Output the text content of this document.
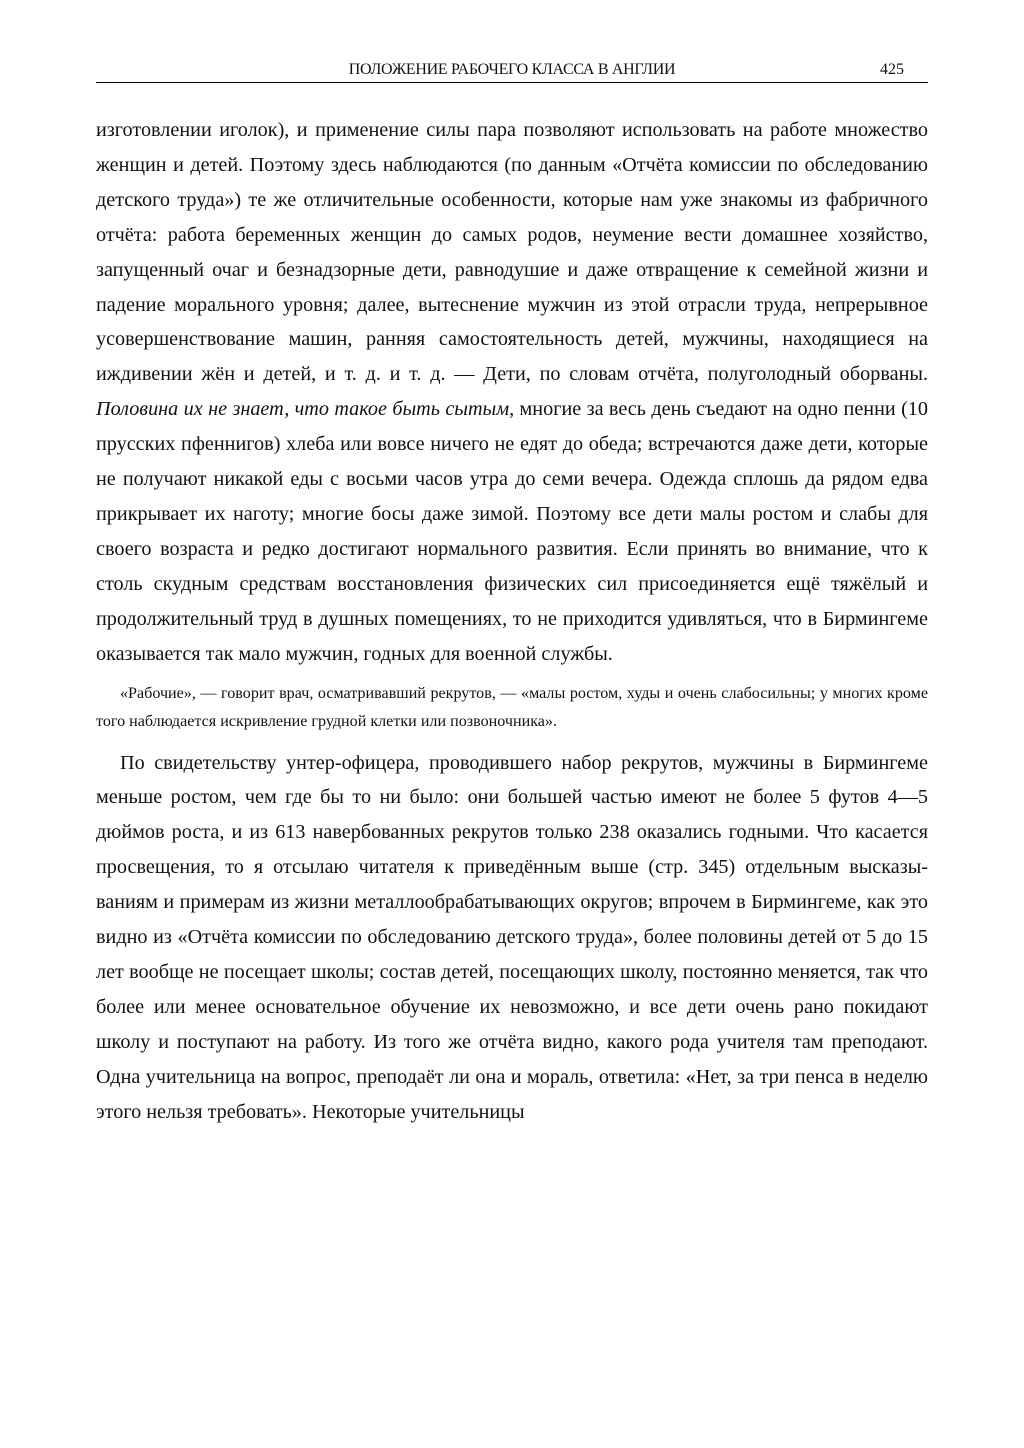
ПОЛОЖЕНИЕ РАБОЧЕГО КЛАССА В АНГЛИИ	425

изготовлении иголок), и применение силы пара позволяют использовать на работе множество женщин и детей. Поэтому здесь наблюдаются (по данным «Отчёта комиссии по обследованию детского труда») те же отличительные особенности, которые нам уже знакомы из фабричного отчёта: работа беременных женщин до самых родов, неумение вести домашнее хозяйство, запущенный очаг и безнадзорные дети, равнодушие и даже отвращение к семейной жизни и падение морального уровня; далее, вытеснение мужчин из этой отрасли труда, непрерывное усовершенствование машин, ранняя самостоятельность детей, мужчины, находящиеся на иждивении жён и детей, и т. д. и т. д. — Дети, по словам отчёта, полуголодный оборваны. Половина их не знает, что такое быть сытым, многие за весь день съедают на одно пенни (10 прусских пфеннигов) хлеба или вовсе ничего не едят до обеда; встречаются даже дети, которые не получают никакой еды с восьми часов утра до семи вечера. Одежда сплошь да рядом едва прикрывает их наготу; многие босы даже зимой. Поэтому все дети малы ростом и слабы для своего возраста и редко достигают нормального развития. Если принять во внимание, что к столь скудным средствам восстановления физических сил присоединяется ещё тяжёлый и продолжительный труд в душных помещениях, то не приходится удивляться, что в Бирмингеме оказывается так мало мужчин, годных для военной службы.

«Рабочие», — говорит врач, осматривавший рекрутов, — «малы ростом, худы и очень слабосильны; у многих кроме того наблюдается искривление грудной клетки или позвоночника».

По свидетельству унтер-офицера, проводившего набор рекрутов, мужчины в Бирмингеме меньше ростом, чем где бы то ни было: они большей частью имеют не более 5 футов 4—5 дюймов роста, и из 613 навербованных рекрутов только 238 оказались годными. Что касается просвещения, то я отсылаю читателя к приведённым выше (стр. 345) отдельным высказываниям и примерам из жизни металлообрабатывающих округов; впрочем в Бирмингеме, как это видно из «Отчёта комиссии по обследованию детского труда», более половины детей от 5 до 15 лет вообще не посещает школы; состав детей, посещающих школу, постоянно меняется, так что более или менее основательное обучение их невозможно, и все дети очень рано покидают школу и поступают на работу. Из того же отчёта видно, какого рода учителя там преподают. Одна учительница на вопрос, преподаёт ли она и мораль, ответила: «Нет, за три пенса в неделю этого нельзя требовать». Некоторые учительницы
